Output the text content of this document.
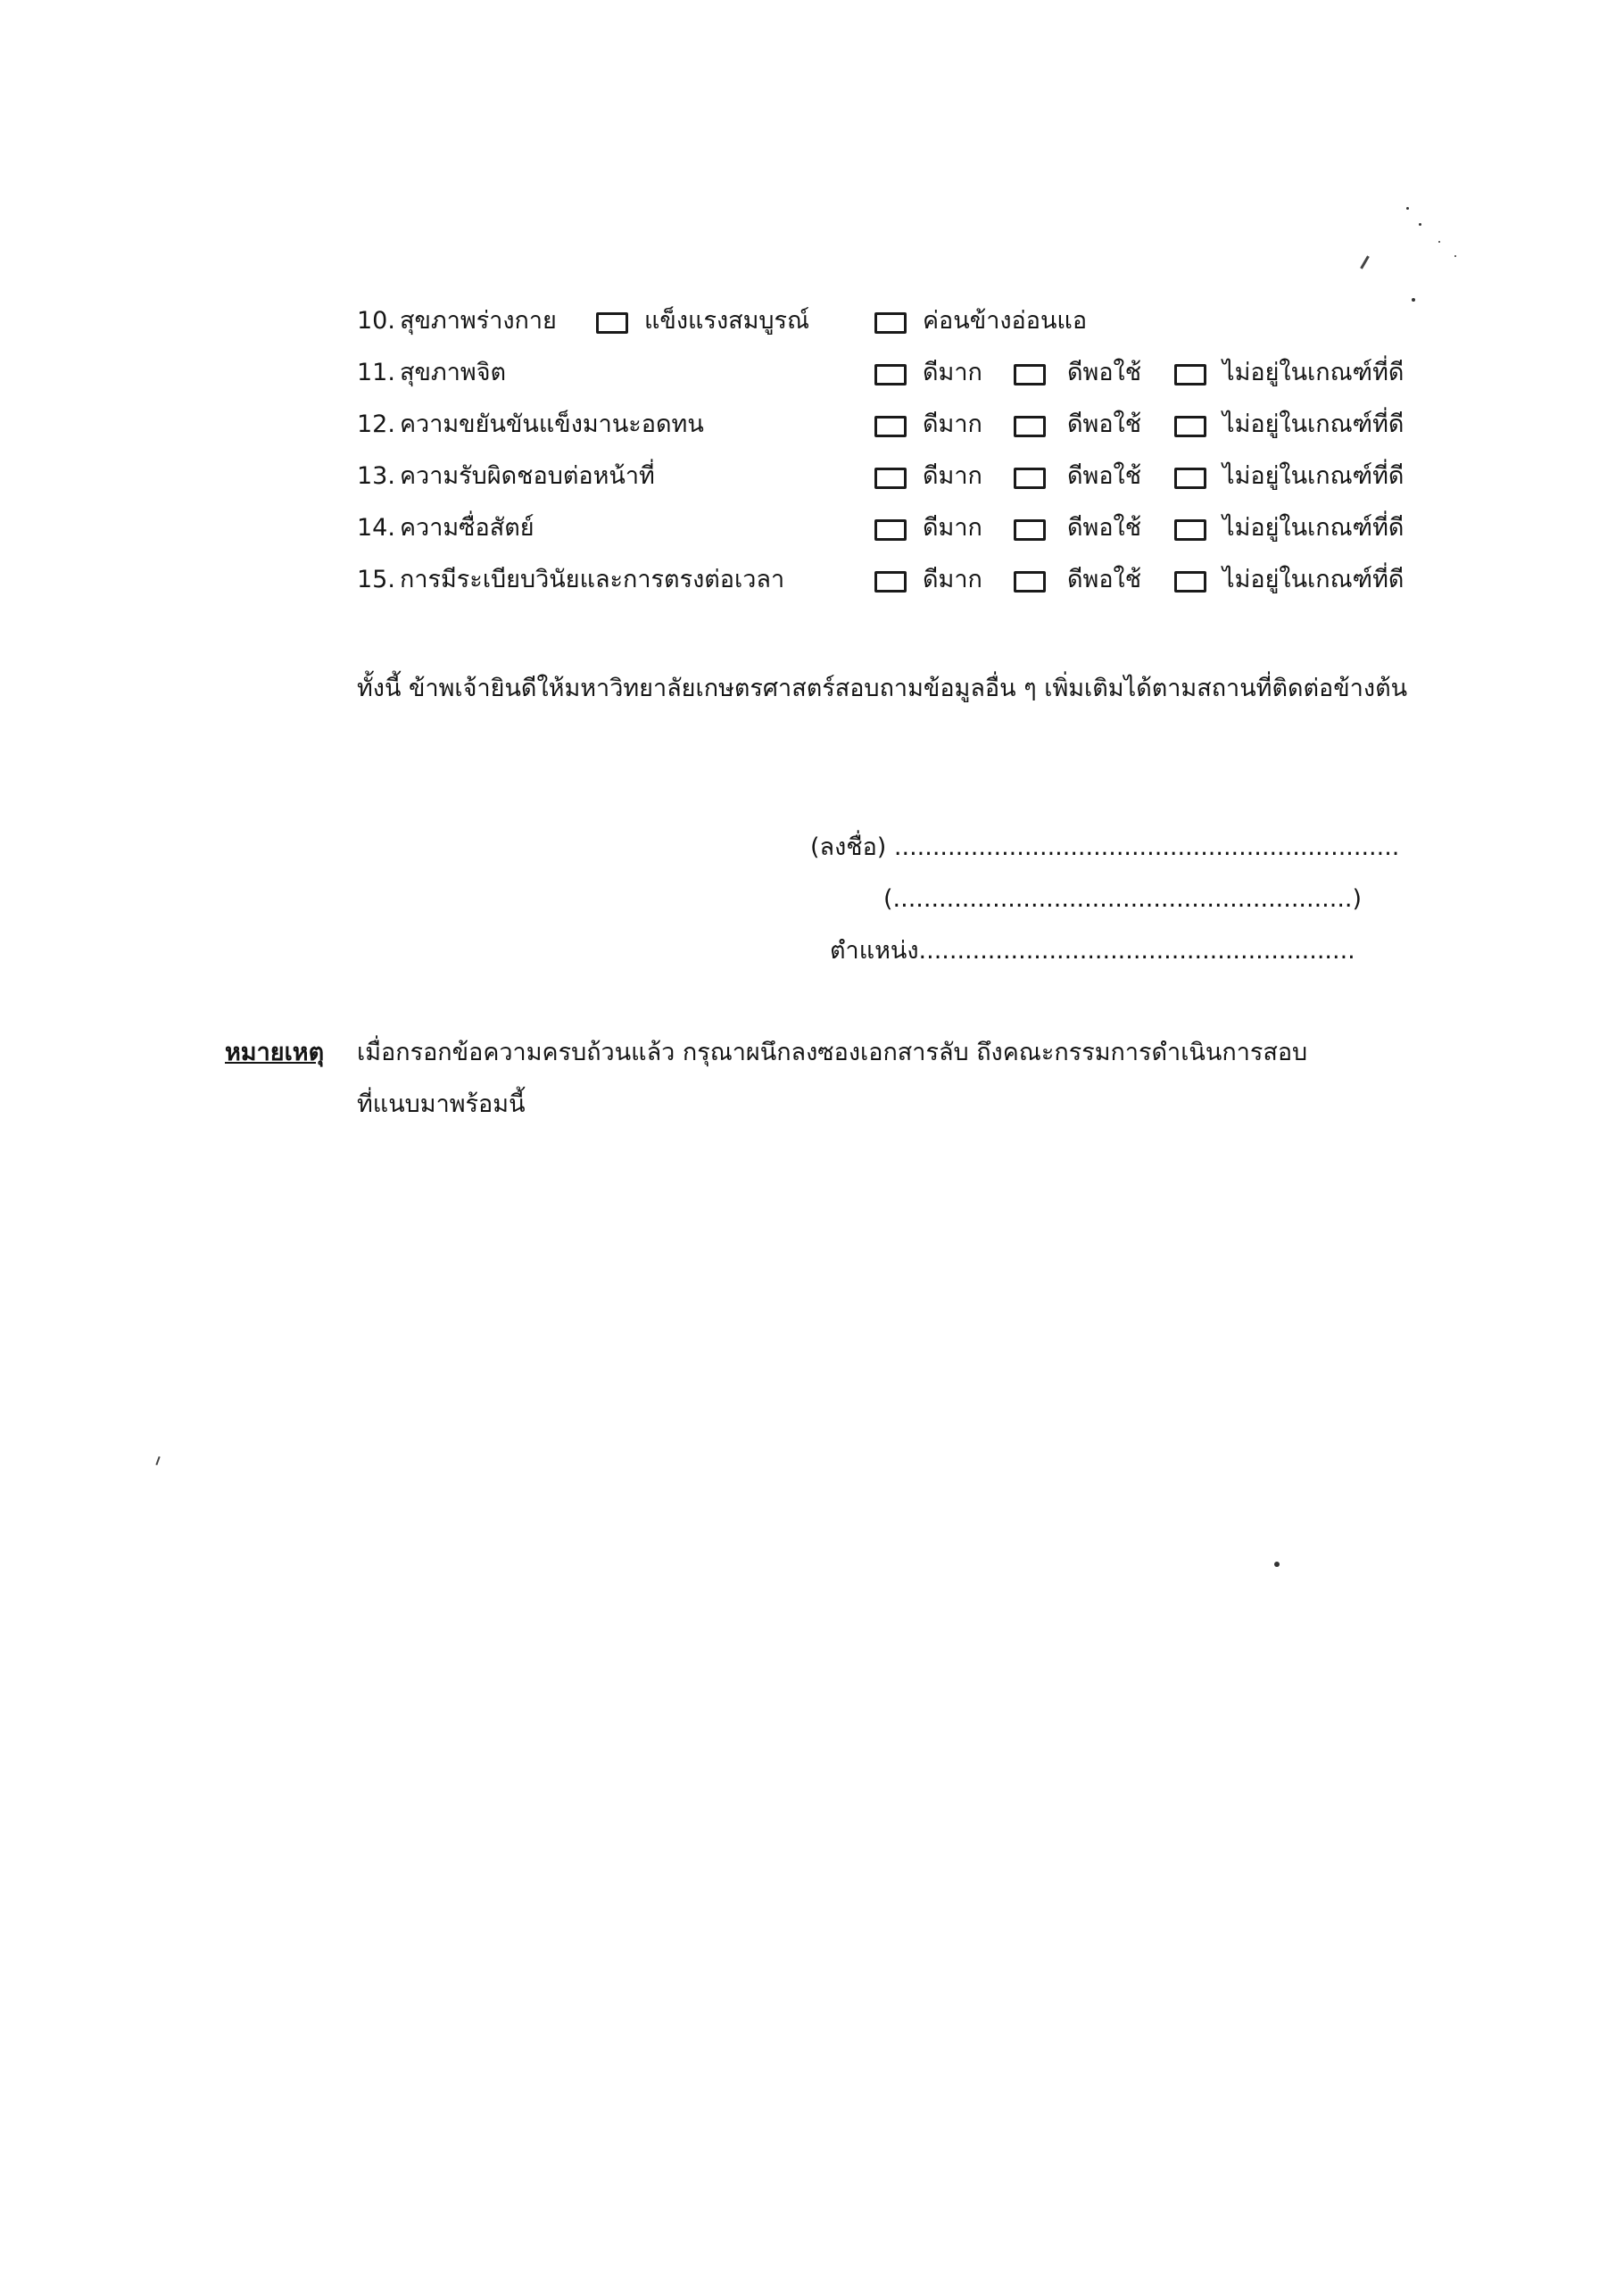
10. สุขภาพร่างกาย	แข็งแรงสมบูรณ์	ค่อนข้างอ่อนแอ
11. สุขภาพจิต	ดีมาก	ดีพอใช้	ไม่อยู่ในเกณฑ์ที่ดี
12. ความขยันขันแข็งมานะอดทน	ดีมาก	ดีพอใช้	ไม่อยู่ในเกณฑ์ที่ดี
13. ความรับผิดชอบต่อหน้าที่	ดีมาก	ดีพอใช้	ไม่อยู่ในเกณฑ์ที่ดี
14. ความซื่อสัตย์	ดีมาก	ดีพอใช้	ไม่อยู่ในเกณฑ์ที่ดี
15. การมีระเบียบวินัยและการตรงต่อเวลา	ดีมาก	ดีพอใช้	ไม่อยู่ในเกณฑ์ที่ดี
ทั้งนี้ ข้าพเจ้ายินดีให้มหาวิทยาลัยเกษตรศาสตร์สอบถามข้อมูลอื่น ๆ เพิ่มเติมได้ตามสถานที่ติดต่อข้างต้น
(ลงชื่อ) ..................................................................
(............................................................)
ตำแหน่ง.........................................................
หมายเหตุ เมื่อกรอกข้อความครบถ้วนแล้ว กรุณาผนึกลงซองเอกสารลับ ถึงคณะกรรมการดำเนินการสอบ
ที่แนบมาพร้อมนี้
